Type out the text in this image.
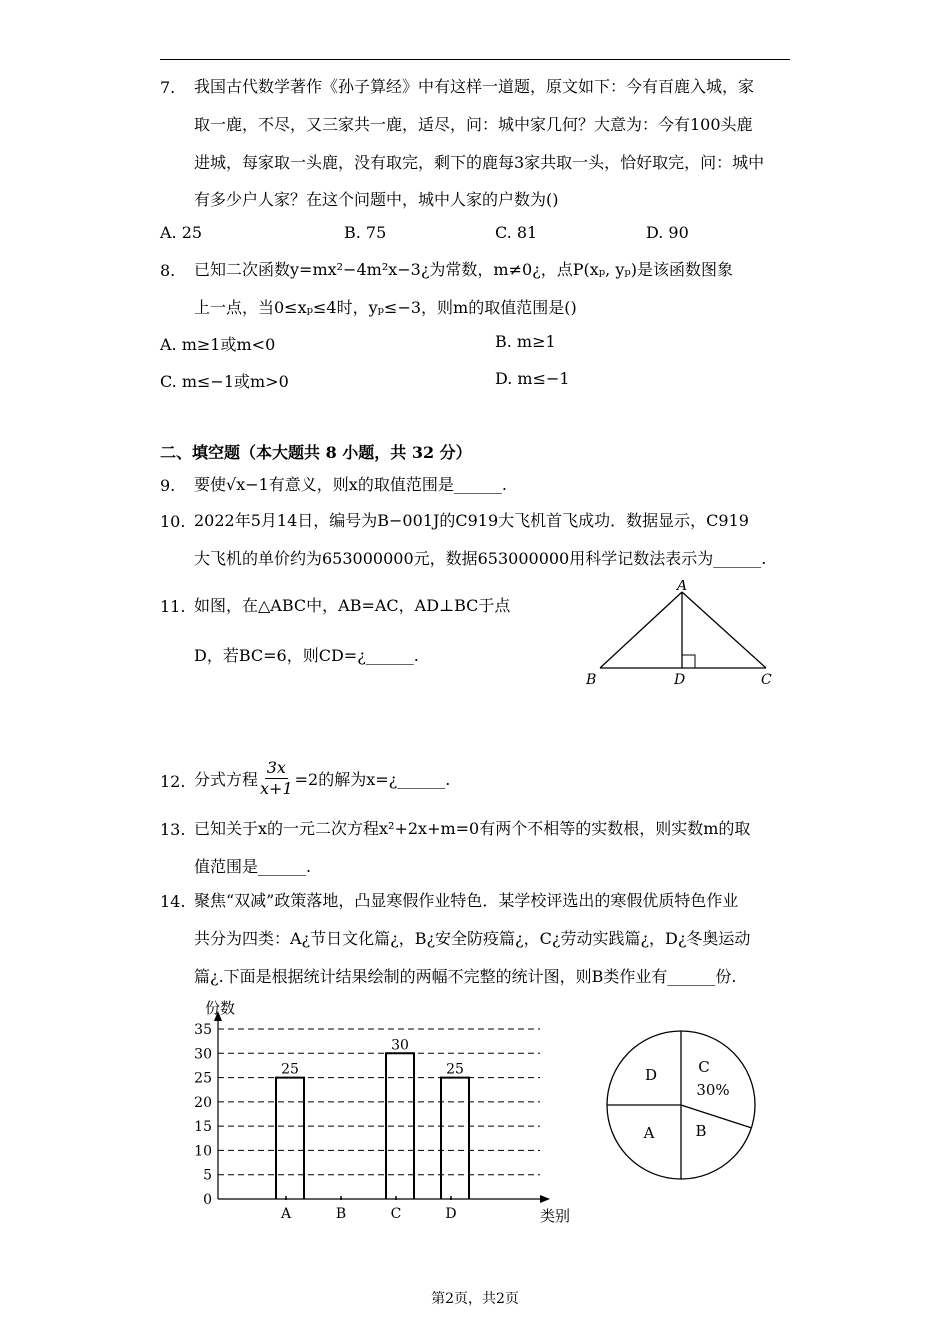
7. 我国古代数学著作《孙子算经》中有这样一道题，原文如下：今有百鹿入城，家
取一鹿，不尽，又三家共一鹿，适尽，问：城中家几何？大意为：今有100头鹿
进城，每家取一头鹿，没有取完，剩下的鹿每3家共取一头，恰好取完，问：城中
有多少户人家？在这个问题中，城中人家的户数为()
A. 25	B. 75	C. 81	D. 90
8. 已知二次函数y=mx²−4m²x−3¿为常数，m≠0¿，点P(xₚ, yₚ)是该函数图象
上一点，当0≤xₚ≤4时，yₚ≤−3，则m的取值范围是()
A. m≥1或m<0	B. m≥1
C. m≤−1或m>0	D. m≤−1
二、填空题（本大题共 8 小题，共 32 分）
9. 要使√x−1有意义，则x的取值范围是______.
10. 2022年5月14日，编号为B−001J的C919大飞机首飞成功．数据显示，C919
大飞机的单价约为653000000元，数据653000000用科学记数法表示为______.
11. 如图，在△ABC中，AB=AC，AD⊥BC于点
D，若BC=6，则CD=¿______.
A
B	D	C
12. 分式方程 $\frac{3x}{x+1} =2$的解为x=¿______.
13. 已知关于x的一元二次方程x²+2x+m=0有两个不相等的实数根，则实数m的取
值范围是______.
14. 聚焦“双减”政策落地，凸显寒假作业特色．某学校评选出的寒假优质特色作业
共分为四类：A¿节日文化篇¿，B¿安全防疫篇¿，C¿劳动实践篇¿，D¿冬奥运动
篇¿.下面是根据统计结果绘制的两幅不完整的统计图，则B类作业有______份.
0
5
10
15
20
25
30
35
份数
类别
A
25
B	C
30
D
25
A	B
C
D
30%
第2页，共2页
